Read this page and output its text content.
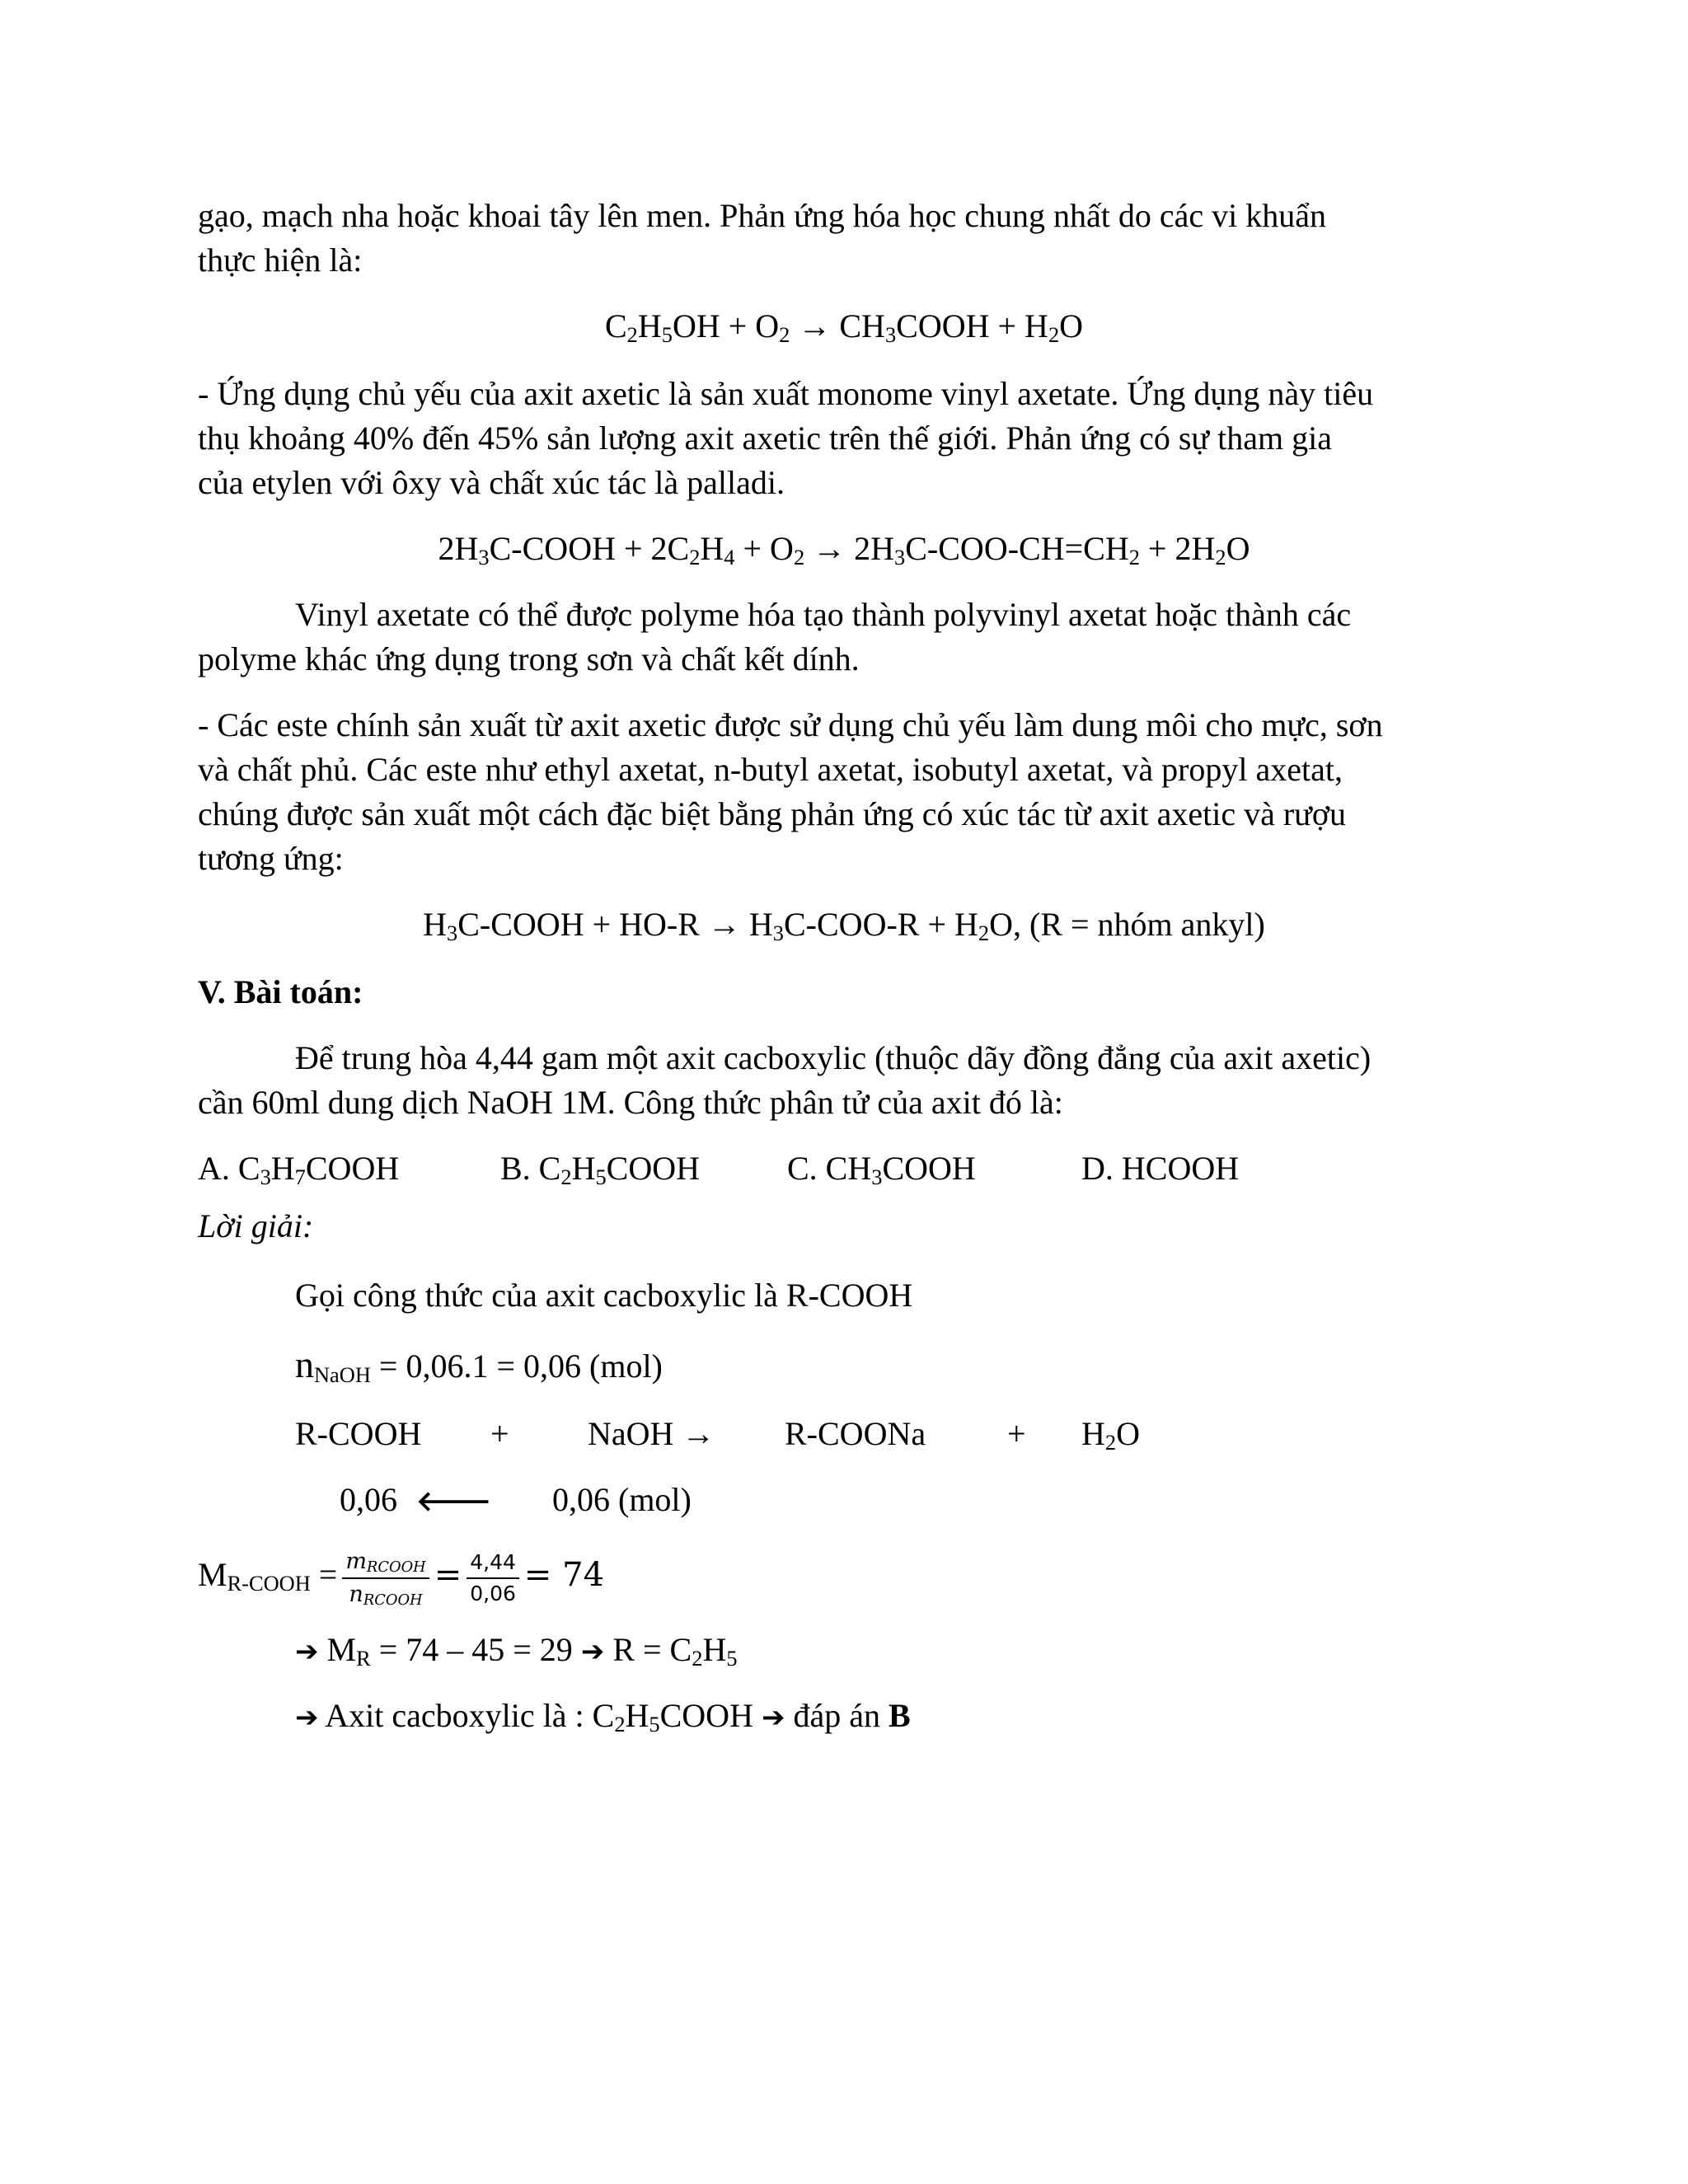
gạo, mạch nha hoặc khoai tây lên men. Phản ứng hóa học chung nhất do các vi khuẩn
thực hiện là:
$C_2H_5OH + O_2$ → $CH_3COOH + H_2O$
- Ứng dụng chủ yếu của axit axetic là sản xuất monome vinyl axetate. Ứng dụng này tiêu
thụ khoảng 40% đến 45% sản lượng axit axetic trên thế giới. Phản ứng có sự tham gia
của etylen với ôxy và chất xúc tác là palladi.
$2H_3C$-COOH + $2C_2H_4 + O_2 \to 2H_3C-COO-CH=CH_2 + 2H_2O$
Vinyl axetate có thể được polyme hóa tạo thành polyvinyl axetat hoặc thành các
polyme khác ứng dụng trong sơn và chất kết dính.
- Các este chính sản xuất từ axit axetic được sử dụng chủ yếu làm dung môi cho mực, sơn
và chất phủ. Các este như ethyl axetat, n-butyl axetat, isobutyl axetat, và propyl axetat,
chúng được sản xuất một cách đặc biệt bằng phản ứng có xúc tác từ axit axetic và rượu
tương ứng:
$H_3C$-COOH + $HO-R \to H_3C-COO-R + H_2O$, (R = nhóm ankyl)
V. Bài toán:
Để trung hòa 4,44 gam một axit cacboxylic (thuộc dãy đồng đẳng của axit axetic)
cần 60ml dung dịch NaOH 1M. Công thức phân tử của axit đó là:
A. $C_3H_7COOH$	B. $C_2H_5COOH$	C. $CH_3COOH$	D. HCOOH
Lời giải:
Gọi công thức của axit cacboxylic là R-COOH
$n_{NaOH} = 0,06.1 = 0,06$ (mol)
R-COOH + NaOH → R-COONa + $H_2O$
0,06 🡐 0,06 (mol)
$M_{R-COOH} = \frac{m_{RCOOH}}{n_{RCOOH}} = \frac{4,44}{0,06} = 74$
➔ $M_R = 74 - 45 = 29$ ➔ $R = C_2H_5$
➔ Axit cacboxylic là : $C_2H_5COOH$ ➔ đáp án B
